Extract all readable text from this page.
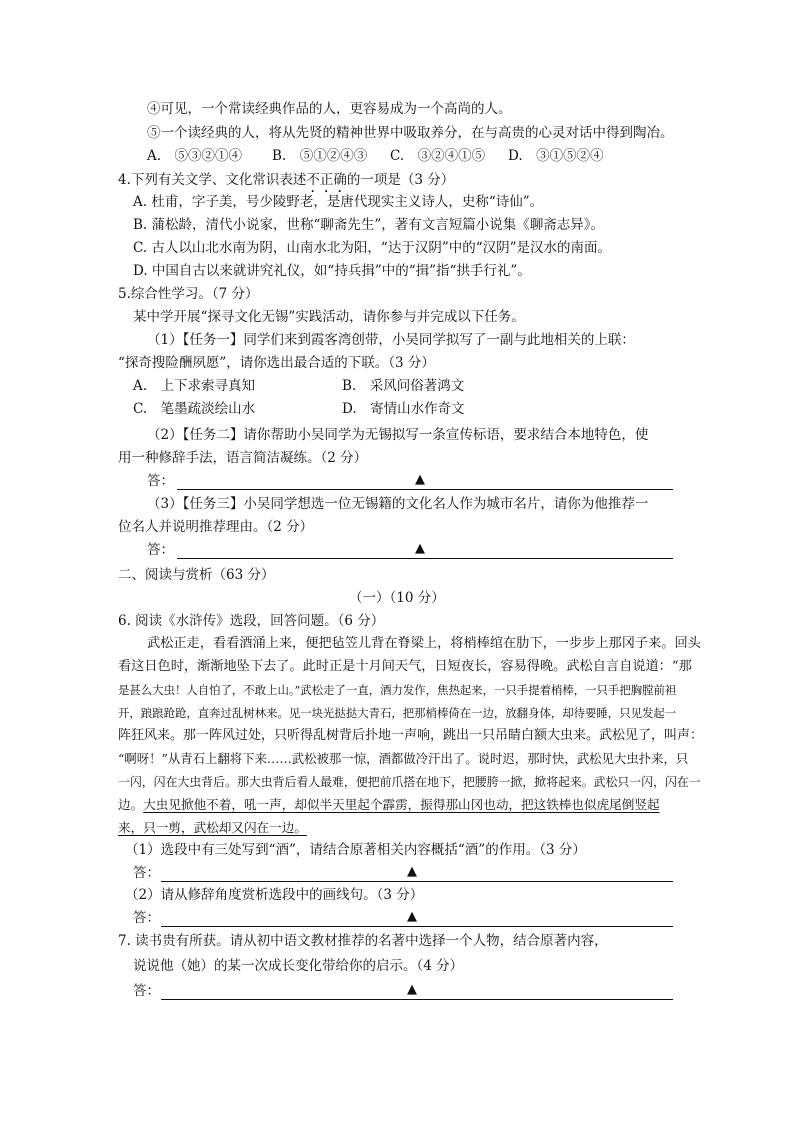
④可见，一个常读经典作品的人，更容易成为一个高尚的人。
⑤一个读经典的人，将从先贤的精神世界中吸取养分，在与高贵的心灵对话中得到陶冶。
A.　⑤③②①④ B.　⑤①②④③ C.　③②④①⑤ D.　③①⑤②④
4.下列有关文学、文化常识表述不正确的一项是（3 分）
A. 杜甫，字子美，号少陵野老，是唐代现实主义诗人，史称“诗仙”。
B. 蒲松龄，清代小说家，世称“聊斋先生”，著有文言短篇小说集《聊斋志异》。
C. 古人以山北水南为阴，山南水北为阳，“达于汉阴”中的“汉阴”是汉水的南面。
D. 中国自古以来就讲究礼仪，如“持兵揖”中的“揖”指“拱手行礼”。
5.综合性学习。（7 分）
某中学开展“探寻文化无锡”实践活动，请你参与并完成以下任务。
（1）【任务一】同学们来到霞客湾创带，小吴同学拟写了一副与此地相关的上联：
“探奇搜险酬夙愿”，请你选出最合适的下联。（3 分）
A.　上下求索寻真知	B.　采风问俗著鸿文
C.　笔墨疏淡绘山水	D.　寄情山水作奇文
（2）【任务二】请你帮助小吴同学为无锡拟写一条宣传标语，要求结合本地特色，使
用一种修辞手法，语言简洁凝练。（2 分）
答：	▲
（3）【任务三】小吴同学想选一位无锡籍的文化名人作为城市名片，请你为他推荐一
位名人并说明推荐理由。（2 分）
答：	▲
二、阅读与赏析（63 分）
（一）（10 分）
6. 阅读《水浒传》选段，回答问题。（6 分）
武松正走，看看酒涌上来，便把毡笠儿背在脊梁上，将梢棒绾在肋下，一步步上那冈子来。回头
看这日色时，渐渐地坠下去了。此时正是十月间天气，日短夜长，容易得晚。武松自言自说道：“那
是甚么大虫！人自怕了，不敢上山。”武松走了一直，酒力发作，焦热起来，一只手提着梢棒，一只手把胸膛前袒
开，踉踉跄跄，直奔过乱树林来。见一块光挞挞大青石，把那梢棒倚在一边，放翻身体，却待要睡，只见发起一
阵狂风来。那一阵风过处，只听得乱树背后扑地一声响，跳出一只吊睛白额大虫来。武松见了，叫声：
“啊呀！”从青石上翻将下来……武松被那一惊，酒都做冷汗出了。说时迟，那时快，武松见大虫扑来，只
一闪，闪在大虫背后。那大虫背后看人最难，便把前爪搭在地下，把腰胯一掀，掀将起来。武松只一闪，闪在一
边。大虫见掀他不着，吼一声，却似半天里起个霹雳，振得那山冈也动，把这铁棒也似虎尾倒竖起
来，只一剪，武松却又闪在一边。
（1）选段中有三处写到“酒”，请结合原著相关内容概括“酒”的作用。（3 分）
答：	▲
（2）请从修辞角度赏析选段中的画线句。（3 分）
答：	▲
7. 读书贵有所获。请从初中语文教材推荐的名著中选择一个人物，结合原著内容，
说说他（她）的某一次成长变化带给你的启示。（4 分）
答：	▲
